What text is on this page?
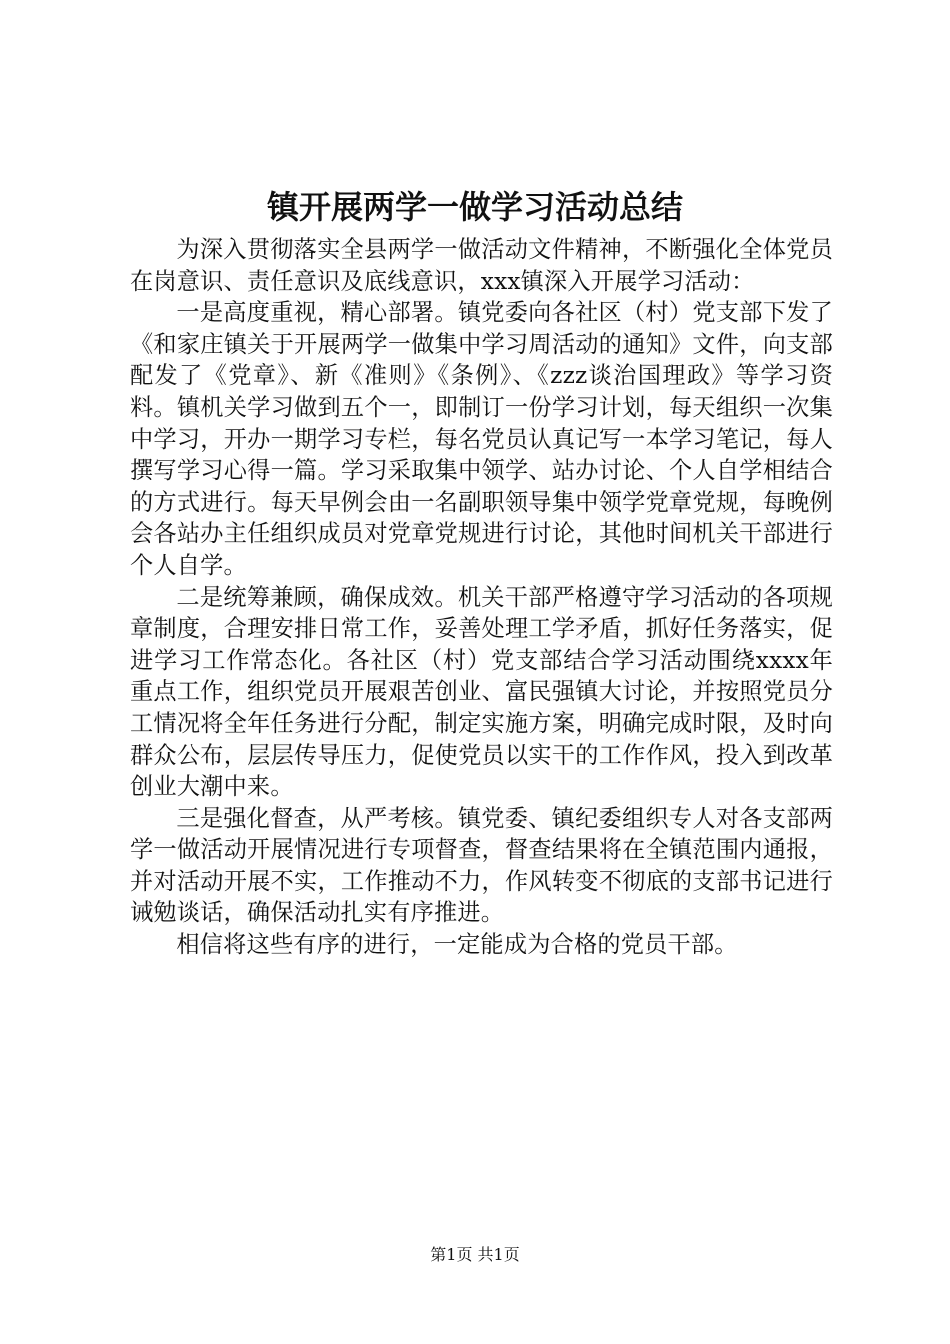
镇开展两学一做学习活动总结

为深入贯彻落实全县两学一做活动文件精神，不断强化全体党员在岗意识、责任意识及底线意识，xxx镇深入开展学习活动：

一是高度重视，精心部署。镇党委向各社区（村）党支部下发了《和家庄镇关于开展两学一做集中学习周活动的通知》文件，向支部配发了《党章》、新《准则》《条例》、《zzz谈治国理政》等学习资料。镇机关学习做到五个一，即制订一份学习计划，每天组织一次集中学习，开办一期学习专栏，每名党员认真记写一本学习笔记，每人撰写学习心得一篇。学习采取集中领学、站办讨论、个人自学相结合的方式进行。每天早例会由一名副职领导集中领学党章党规，每晚例会各站办主任组织成员对党章党规进行讨论，其他时间机关干部进行个人自学。

二是统筹兼顾，确保成效。机关干部严格遵守学习活动的各项规章制度，合理安排日常工作，妥善处理工学矛盾，抓好任务落实，促进学习工作常态化。各社区（村）党支部结合学习活动围绕xxxx年重点工作，组织党员开展艰苦创业、富民强镇大讨论，并按照党员分工情况将全年任务进行分配，制定实施方案，明确完成时限，及时向群众公布，层层传导压力，促使党员以实干的工作作风，投入到改革创业大潮中来。

三是强化督查，从严考核。镇党委、镇纪委组织专人对各支部两学一做活动开展情况进行专项督查，督查结果将在全镇范围内通报，并对活动开展不实，工作推动不力，作风转变不彻底的支部书记进行诫勉谈话，确保活动扎实有序推进。

相信将这些有序的进行，一定能成为合格的党员干部。

第1页 共1页
